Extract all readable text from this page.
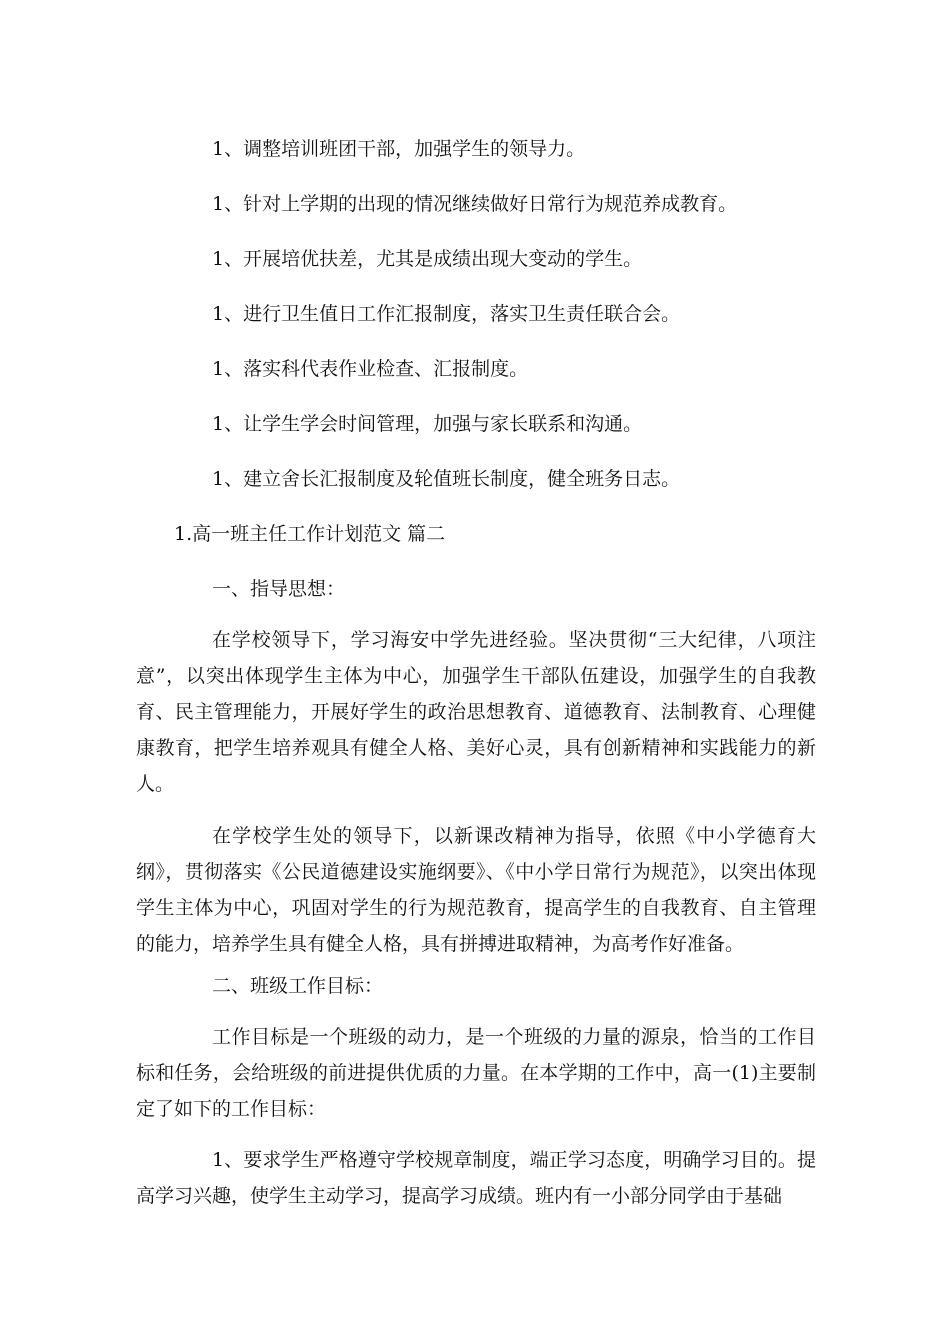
1、调整培训班团干部，加强学生的领导力。

1、针对上学期的出现的情况继续做好日常行为规范养成教育。

1、开展培优扶差，尤其是成绩出现大变动的学生。

1、进行卫生值日工作汇报制度，落实卫生责任联合会。

1、落实科代表作业检查、汇报制度。

1、让学生学会时间管理，加强与家长联系和沟通。

1、建立舍长汇报制度及轮值班长制度，健全班务日志。

1.高一班主任工作计划范文 篇二

一、指导思想：

在学校领导下，学习海安中学先进经验。坚决贯彻“三大纪律，八项注意”，以突出体现学生主体为中心，加强学生干部队伍建设，加强学生的自我教育、民主管理能力，开展好学生的政治思想教育、道德教育、法制教育、心理健康教育，把学生培养观具有健全人格、美好心灵，具有创新精神和实践能力的新人。

在学校学生处的领导下，以新课改精神为指导，依照《中小学德育大纲》，贯彻落实《公民道德建设实施纲要》、《中小学日常行为规范》，以突出体现学生主体为中心，巩固对学生的行为规范教育，提高学生的自我教育、自主管理的能力，培养学生具有健全人格，具有拼搏进取精神，为高考作好准备。

二、班级工作目标：

工作目标是一个班级的动力，是一个班级的力量的源泉，恰当的工作目标和任务，会给班级的前进提供优质的力量。在本学期的工作中，高一(1)主要制定了如下的工作目标：

1、要求学生严格遵守学校规章制度，端正学习态度，明确学习目的。提高学习兴趣，使学生主动学习，提高学习成绩。班内有一小部分同学由于基础
